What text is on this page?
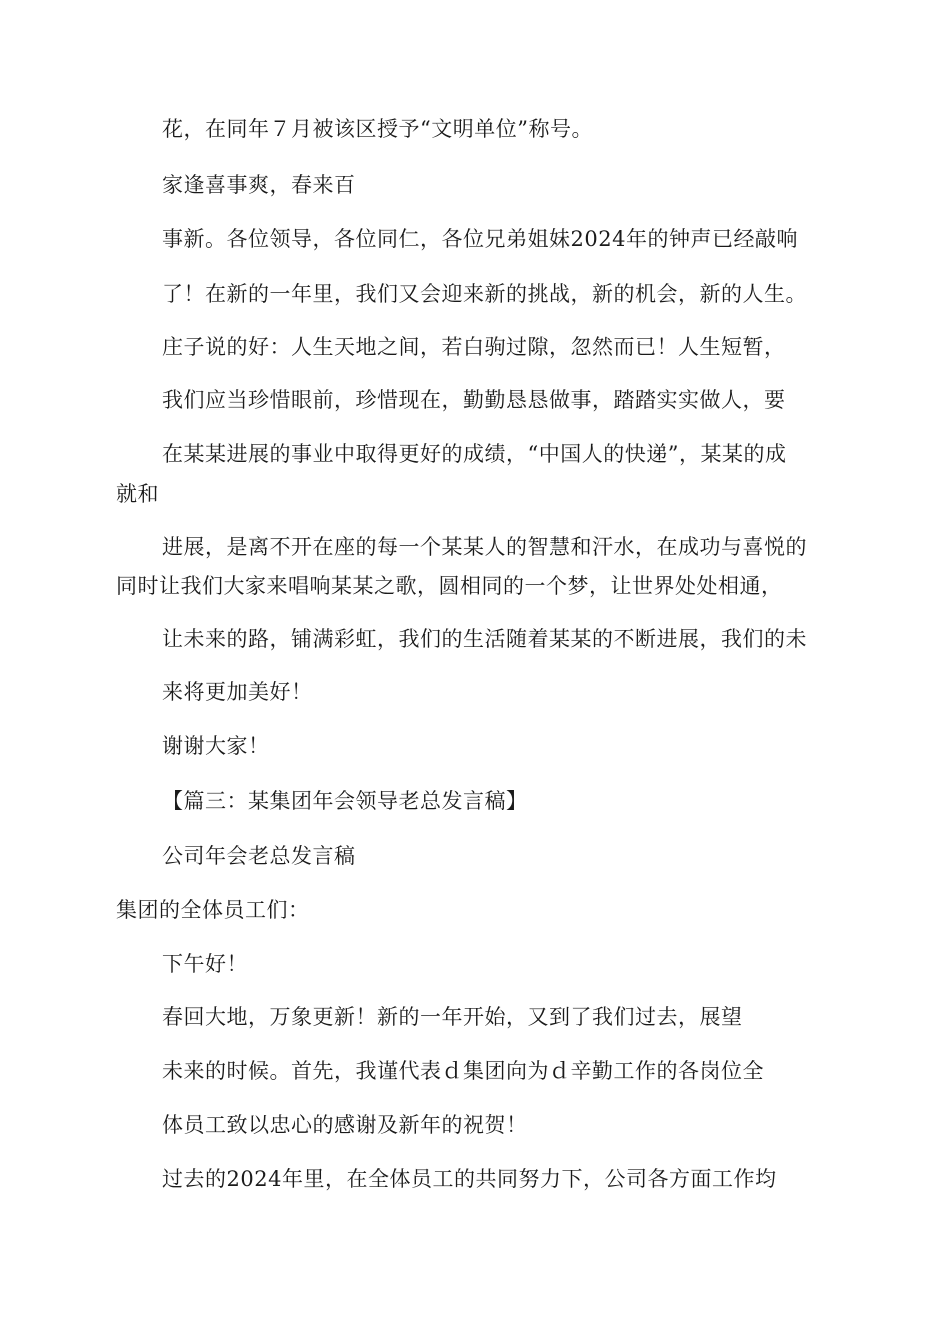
花，在同年７月被该区授予“文明单位”称号。
家逢喜事爽，春来百
事新。各位领导，各位同仁，各位兄弟姐妹2024年的钟声已经敲响
了！在新的一年里，我们又会迎来新的挑战，新的机会，新的人生。
庄子说的好：人生天地之间，若白驹过隙，忽然而已！人生短暂，
我们应当珍惜眼前，珍惜现在，勤勤恳恳做事，踏踏实实做人，要
在某某进展的事业中取得更好的成绩，“中国人的快递”，某某的成
就和
进展，是离不开在座的每一个某某人的智慧和汗水，在成功与喜悦的
同时让我们大家来唱响某某之歌，圆相同的一个梦，让世界处处相通，
让未来的路，铺满彩虹，我们的生活随着某某的不断进展，我们的未
来将更加美好！
谢谢大家！
【篇三：某集团年会领导老总发言稿】
公司年会老总发言稿
集团的全体员工们：
下午好！
春回大地，万象更新！新的一年开始，又到了我们过去，展望
未来的时候。首先，我谨代表ｄ集团向为ｄ辛勤工作的各岗位全
体员工致以忠心的感谢及新年的祝贺！
过去的2024年里，在全体员工的共同努力下，公司各方面工作均
